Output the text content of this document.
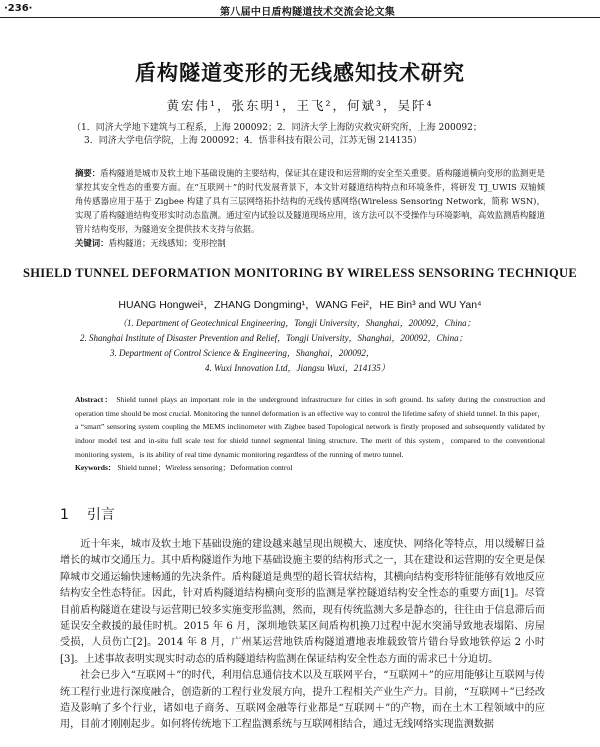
·236·	第八届中日盾构隧道技术交流会论文集
盾构隧道变形的无线感知技术研究
黄宏伟¹，张东明¹，王飞²，何斌³，吴阡⁴
（1．同济大学地下建筑与工程系，上海 200092；2．同济大学上海防灾救灾研究所，上海 200092；
3．同济大学电信学院，上海 200092；4．悟非科技有限公司，江苏无锡 214135）
摘要：盾构隧道是城市及软土地下基础设施的主要结构，保证其在建设和运营期的安全至关重要。盾构隧道横向变形的监测更是掌控其安全性态的重要方面。在“互联网＋”的时代发展背景下，本文针对隧道结构特点和环境条件，将研发 TJ_UWIS 双轴倾角传感器应用于基于 Zigbee 构建了具有三层网络拓扑结构的无线传感网络(Wireless Sensoring Network，简称 WSN)，实现了盾构隧道结构变形实时动态监测。通过室内试验以及隧道现场应用，该方法可以不受操作与环境影响，高效监测盾构隧道管片结构变形，为隧道安全提供技术支持与依据。
关键词：盾构隧道；无线感知；变形控制
SHIELD TUNNEL DEFORMATION MONITORING BY WIRELESS SENSORING TECHNIQUE
HUANG Hongwei¹，ZHANG Dongming¹，WANG Fei²，HE Bin³ and WU Yan⁴
（1. Department of Geotechnical Engineering，Tongji University，Shanghai，200092，China；
2. Shanghai Institute of Disaster Prevention and Relief，Tongji University，Shanghai，200092，China；
3. Department of Control Science & Engineering，Shanghai，200092，
4. Wuxi Innovation Ltd，Jiangsu Wuxi，214135）
Abstract： Shield tunnel plays an important role in the underground infrastructure for cities in soft ground. Its safety during the construction and operation time should be most crucial. Monitoring the tunnel deformation is an effective way to control the lifetime safety of shield tunnel. In this paper，a “smart” sensoring system coupling the MEMS inclinometer with Zigbee based Topological network is firstly proposed and subsequently validated by indoor model test and in-situ full scale test for shield tunnel segmental lining structure. The merit of this system，compared to the conventional monitoring system，is its ability of real time dynamic monitoring regardless of the running of metro tunnel.
Keywords： Shield tunnel；Wireless sensoring；Deformation control
1 引言

近十年来，城市及软土地下基础设施的建设越来越呈现出规模大、速度快、网络化等特点，用以缓解日益增长的城市交通压力。其中盾构隧道作为地下基础设施主要的结构形式之一，其在建设和运营期的安全更是保障城市交通运输快速畅通的先决条件。盾构隧道是典型的超长管状结构，其横向结构变形特征能够有效地反应结构安全性态特征。因此，针对盾构隧道结构横向变形的监测是掌控隧道结构安全性态的重要方面[1]。尽管目前盾构隧道在建设与运营期已较多实施变形监测，然而，现有传统监测大多是静态的，往往由于信息滞后而延误安全救援的最佳时机。2015 年 6 月，深圳地铁某区间盾构机换刀过程中泥水突涌导致地表塌陷、房屋受损，人员伤亡[2]。2014 年 8 月，广州某运营地铁盾构隧道遭地表堆载致管片错台导致地铁停运 2 小时[3]。上述事故表明实现实时动态的盾构隧道结构监测在保证结构安全性态方面的需求已十分迫切。

社会已步入“互联网＋”的时代，利用信息通信技术以及互联网平台，“互联网＋”的应用能够让互联网与传统工程行业进行深度融合，创造新的工程行业发展方向，提升工程相关产业生产力。目前，“互联网＋”已经改造及影响了多个行业，诸如电子商务、互联网金融等行业都是“互联网＋”的产物，而在土木工程领域中的应用，目前才刚刚起步。如何将传统地下工程监测系统与互联网相结合，通过无线网络实现监测数据
